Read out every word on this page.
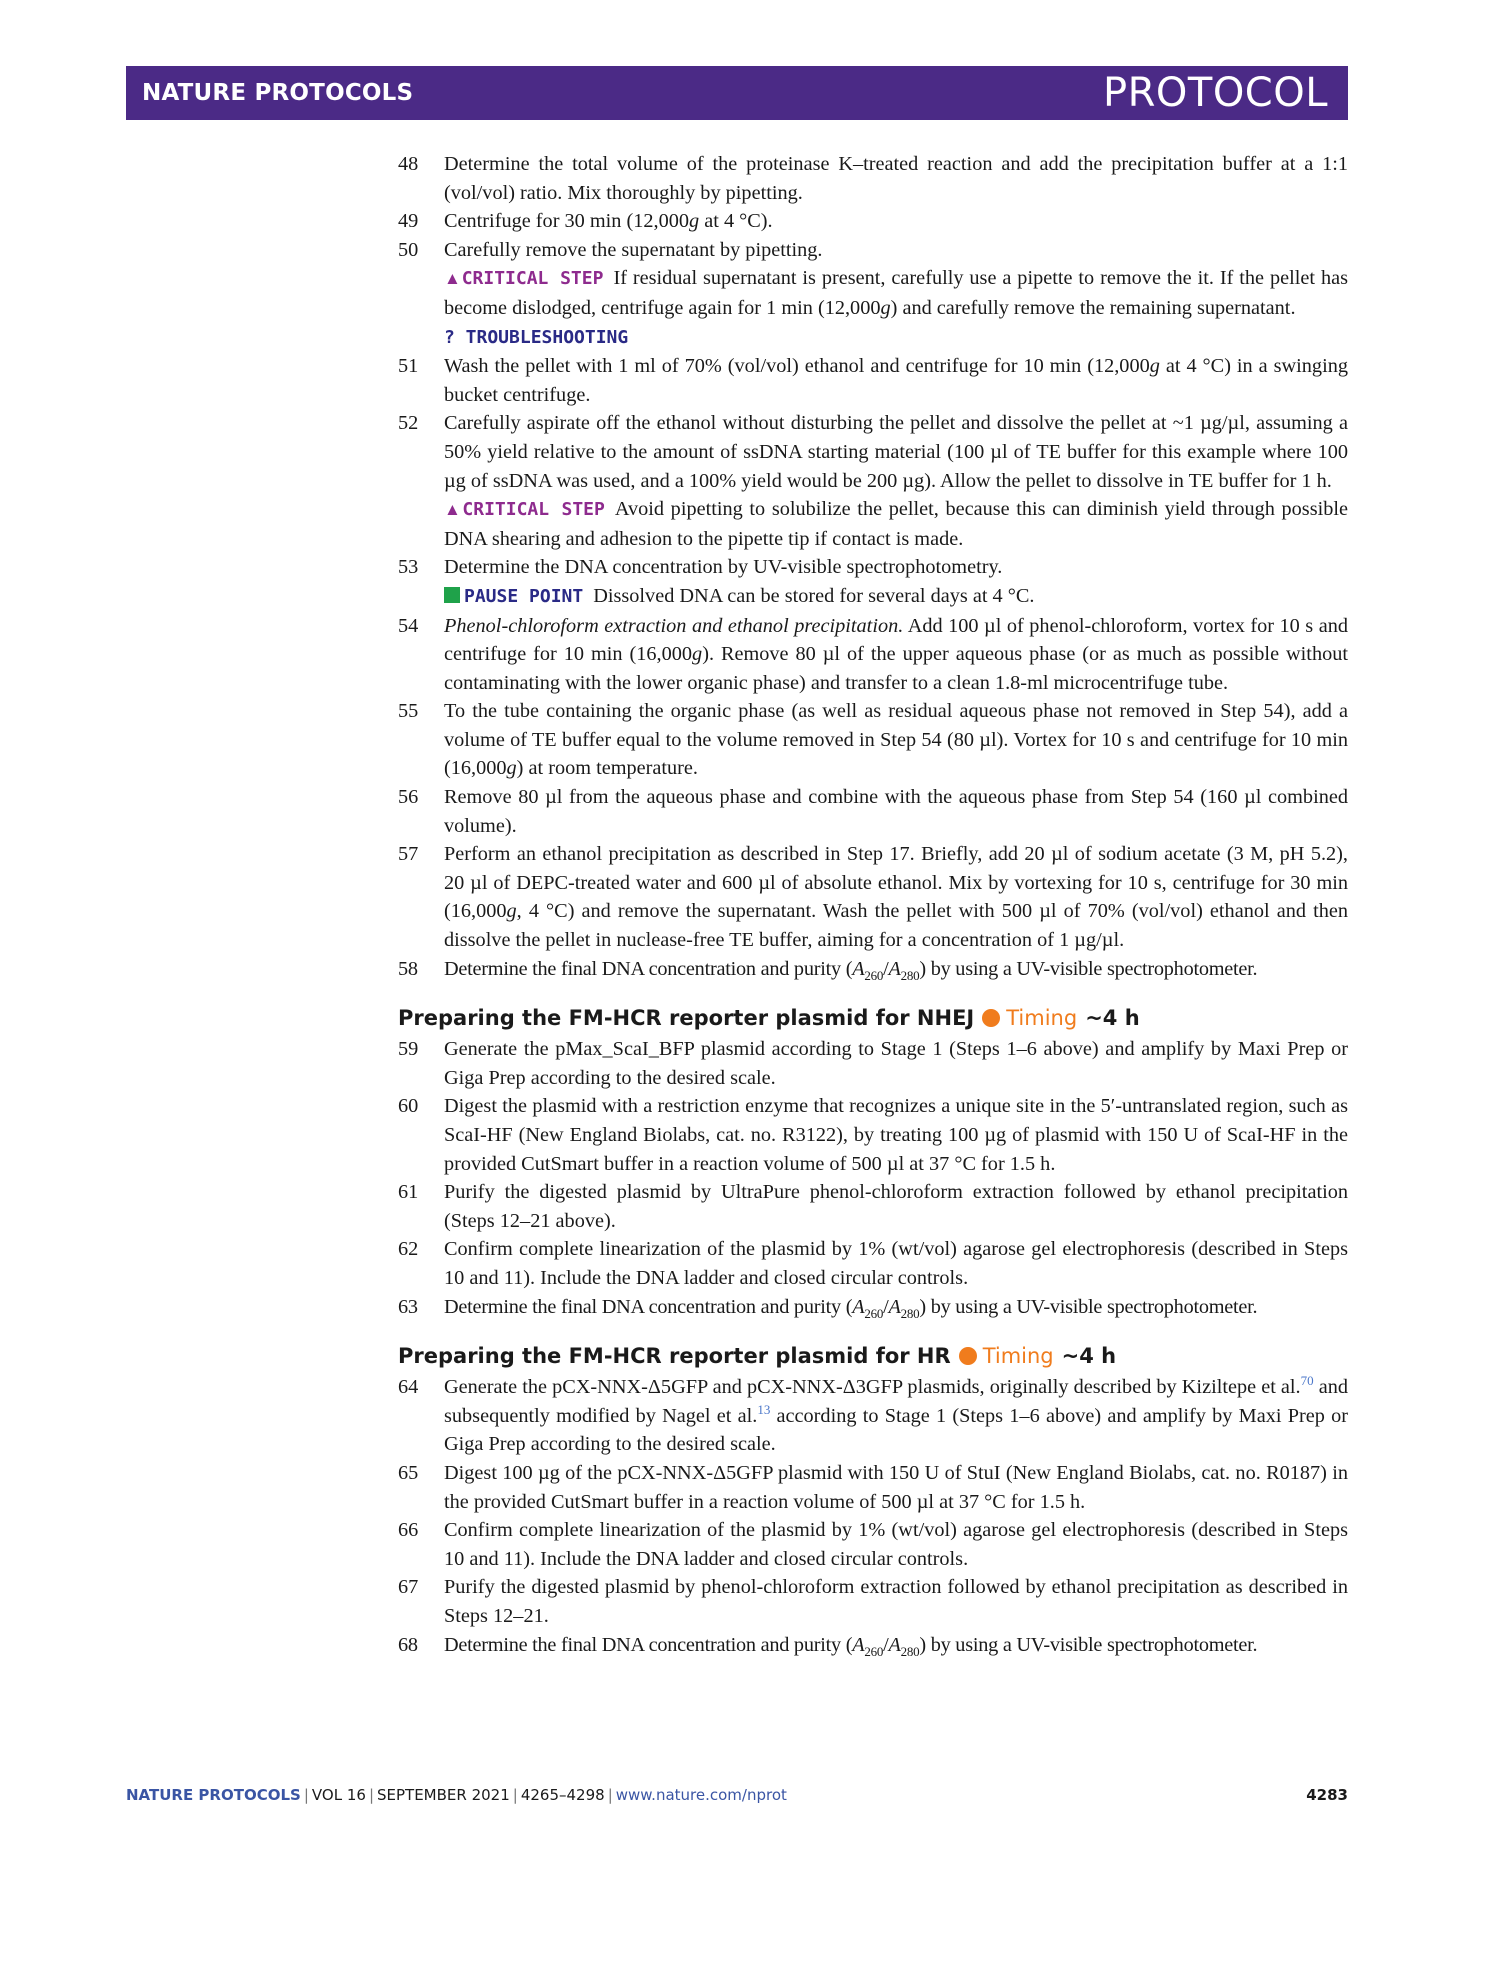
NATURE PROTOCOLS	PROTOCOL

48 Determine the total volume of the proteinase K–treated reaction and add the precipitation buffer at a 1:1 (vol/vol) ratio. Mix thoroughly by pipetting.

49 Centrifuge for 30 min (12,000g at 4 °C).

50 Carefully remove the supernatant by pipetting.

▲CRITICAL STEP If residual supernatant is present, carefully use a pipette to remove the it. If the pellet has become dislodged, centrifuge again for 1 min (12,000g) and carefully remove the remaining supernatant.

? TROUBLESHOOTING

51 Wash the pellet with 1 ml of 70% (vol/vol) ethanol and centrifuge for 10 min (12,000g at 4 °C) in a swinging bucket centrifuge.

52 Carefully aspirate off the ethanol without disturbing the pellet and dissolve the pellet at ~1 µg/µl, assuming a 50% yield relative to the amount of ssDNA starting material (100 µl of TE buffer for this example where 100 µg of ssDNA was used, and a 100% yield would be 200 µg). Allow the pellet to dissolve in TE buffer for 1 h.

▲CRITICAL STEP Avoid pipetting to solubilize the pellet, because this can diminish yield through possible DNA shearing and adhesion to the pipette tip if contact is made.

53 Determine the DNA concentration by UV-visible spectrophotometry.

PAUSE POINT Dissolved DNA can be stored for several days at 4 °C.

54 Phenol-chloroform extraction and ethanol precipitation. Add 100 µl of phenol-chloroform, vortex for 10 s and centrifuge for 10 min (16,000g). Remove 80 µl of the upper aqueous phase (or as much as possible without contaminating with the lower organic phase) and transfer to a clean 1.8-ml microcentrifuge tube.

55 To the tube containing the organic phase (as well as residual aqueous phase not removed in Step 54), add a volume of TE buffer equal to the volume removed in Step 54 (80 µl). Vortex for 10 s and centrifuge for 10 min (16,000g) at room temperature.

56 Remove 80 µl from the aqueous phase and combine with the aqueous phase from Step 54 (160 µl combined volume).

57 Perform an ethanol precipitation as described in Step 17. Briefly, add 20 µl of sodium acetate (3 M, pH 5.2), 20 µl of DEPC-treated water and 600 µl of absolute ethanol. Mix by vortexing for 10 s, centrifuge for 30 min (16,000g, 4 °C) and remove the supernatant. Wash the pellet with 500 µl of 70% (vol/vol) ethanol and then dissolve the pellet in nuclease-free TE buffer, aiming for a concentration of 1 µg/µl.

58 Determine the final DNA concentration and purity $(A_{260}/A_{280})$ by using a UV-visible spectrophotometer.

Preparing the FM-HCR reporter plasmid for NHEJ Timing ~4 h

59 Generate the pMax_ScaI_BFP plasmid according to Stage 1 (Steps 1–6 above) and amplify by Maxi Prep or Giga Prep according to the desired scale.

60 Digest the plasmid with a restriction enzyme that recognizes a unique site in the 5′-untranslated region, such as ScaI-HF (New England Biolabs, cat. no. R3122), by treating 100 µg of plasmid with 150 U of ScaI-HF in the provided CutSmart buffer in a reaction volume of 500 µl at 37 °C for 1.5 h.

61 Purify the digested plasmid by UltraPure phenol-chloroform extraction followed by ethanol precipitation (Steps 12–21 above).

62 Confirm complete linearization of the plasmid by 1% (wt/vol) agarose gel electrophoresis (described in Steps 10 and 11). Include the DNA ladder and closed circular controls.

63 Determine the final DNA concentration and purity $(A_{260}/A_{280})$ by using a UV-visible spectrophotometer.

Preparing the FM-HCR reporter plasmid for HR Timing ~4 h

64 Generate the pCX-NNX-Δ5GFP and pCX-NNX-Δ3GFP plasmids, originally described by Kiziltepe et al.$^{70}$ and subsequently modified by Nagel et al.$^{13}$ according to Stage 1 (Steps 1–6 above) and amplify by Maxi Prep or Giga Prep according to the desired scale.

65 Digest 100 µg of the pCX-NNX-Δ5GFP plasmid with 150 U of StuI (New England Biolabs, cat. no. R0187) in the provided CutSmart buffer in a reaction volume of 500 µl at 37 °C for 1.5 h.

66 Confirm complete linearization of the plasmid by 1% (wt/vol) agarose gel electrophoresis (described in Steps 10 and 11). Include the DNA ladder and closed circular controls.

67 Purify the digested plasmid by phenol-chloroform extraction followed by ethanol precipitation as described in Steps 12–21.

68 Determine the final DNA concentration and purity $(A_{260}/A_{280})$ by using a UV-visible spectrophotometer.

NATURE PROTOCOLS | VOL 16 | SEPTEMBER 2021 | 4265–4298 | www.nature.com/nprot	4283
